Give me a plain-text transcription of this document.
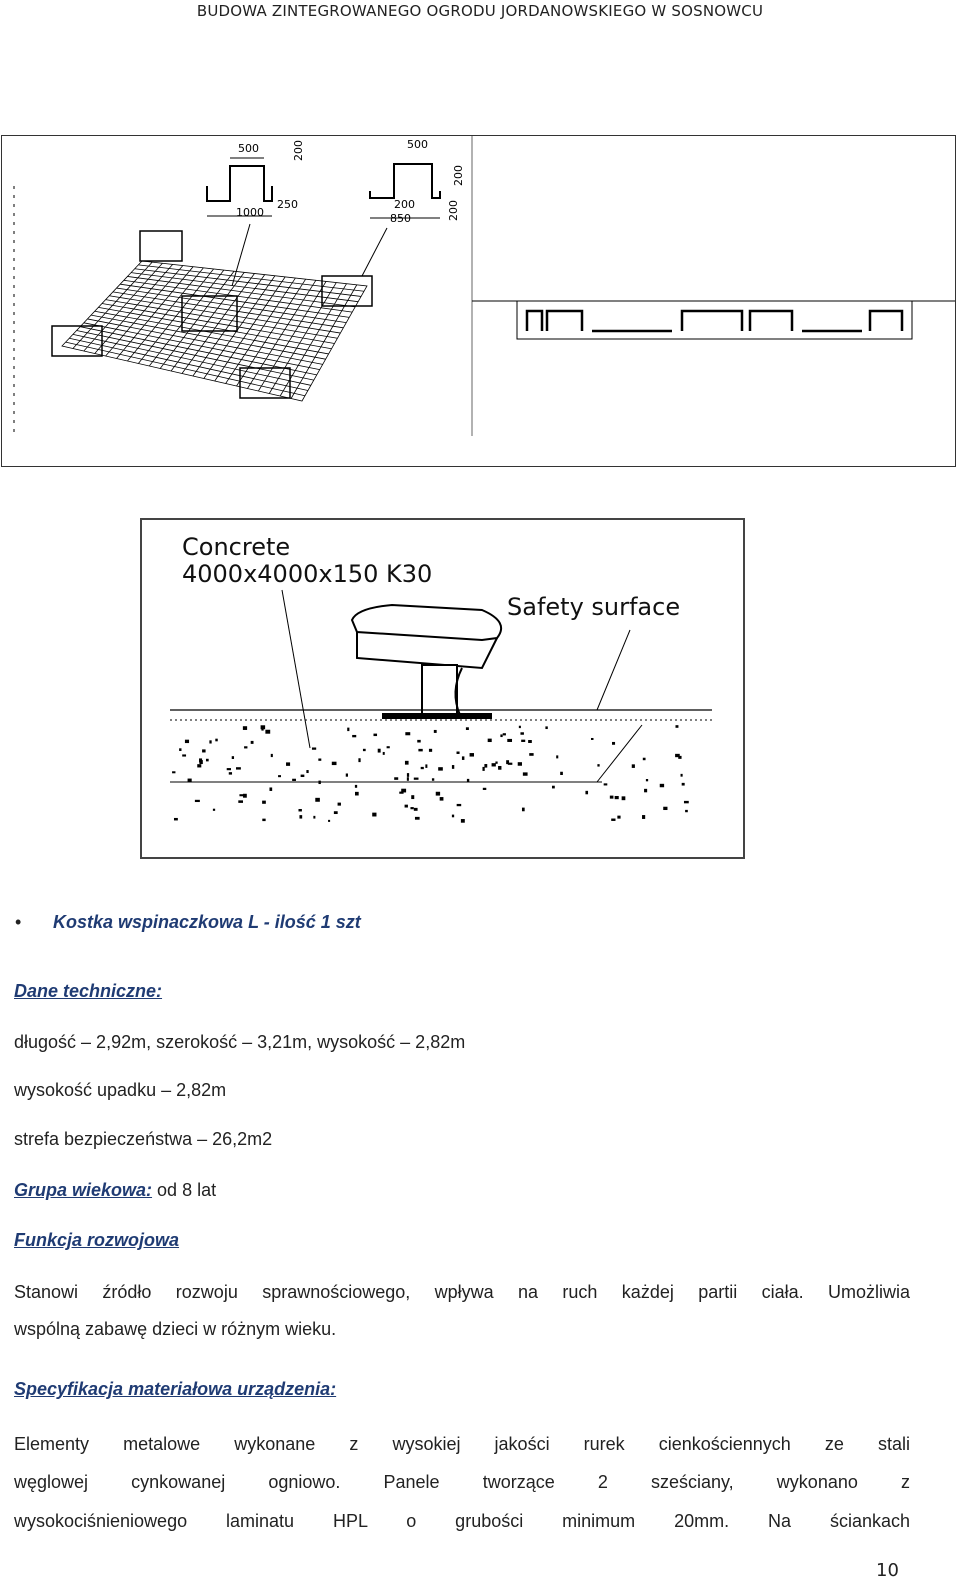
BUDOWA ZINTEGROWANEGO OGRODU JORDANOWSKIEGO W SOSNOWCU
500	200
1000
250
500
200
850
200	200
Concrete
4000x4000x150 K30
Safety surface
• Kostka wspinaczkowa L - ilość 1 szt
Dane techniczne:
długość – 2,92m, szerokość – 3,21m, wysokość – 2,82m
wysokość upadku – 2,82m
strefa bezpieczeństwa – 26,2m2
Grupa wiekowa: od 8 lat
Funkcja rozwojowa
Stanowi źródło rozwoju sprawnościowego, wpływa na ruch każdej partii ciała. Umożliwia
wspólną zabawę dzieci w różnym wieku.
Specyfikacja materiałowa urządzenia:
Elementy metalowe wykonane z wysokiej jakości rurek cienkościennych ze stali
węglowej cynkowanej ogniowo. Panele tworzące 2 sześciany, wykonano z
wysokociśnieniowego laminatu HPL o grubości minimum 20mm. Na ściankach
10
